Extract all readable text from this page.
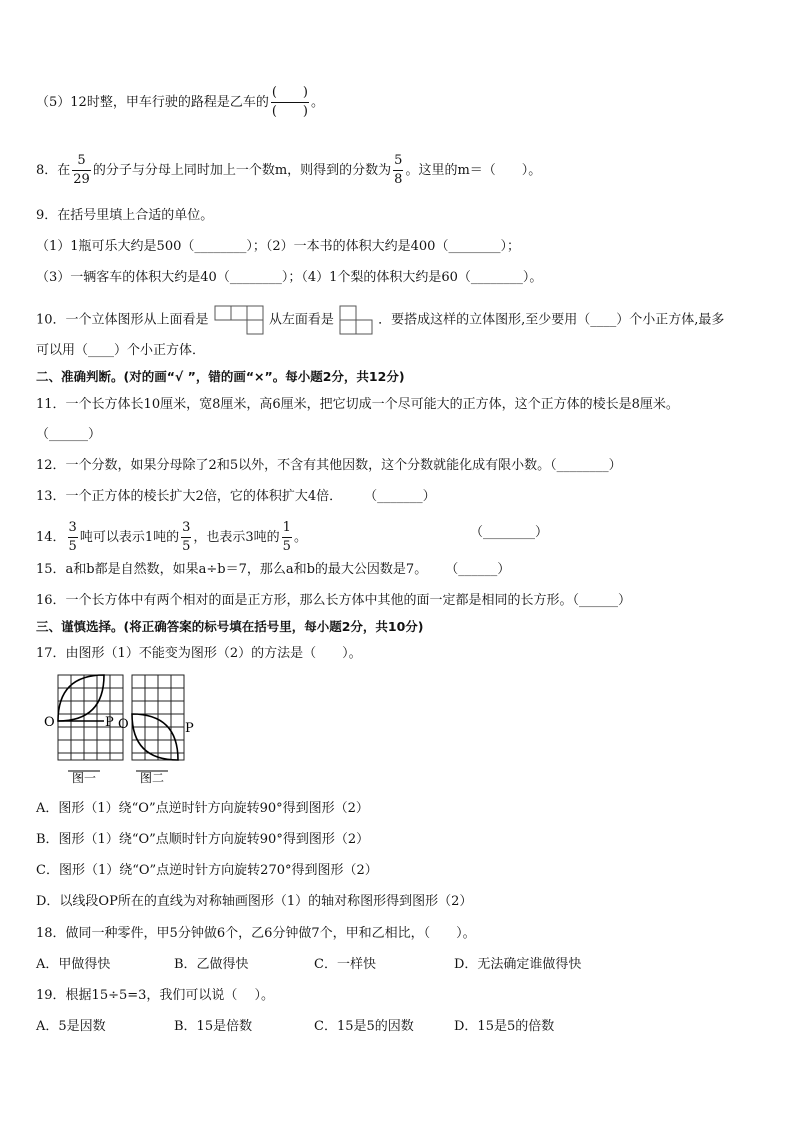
（5）12时整，甲车行驶的路程是乙车的 $\frac{( )}{( )}$ 。
8．在 $\frac{5}{29}$ 的分子与分母上同时加上一个数m，则得到的分数为 $\frac{5}{8}$ 。这里的m＝（　　）。
9．在括号里填上合适的单位。
（1）1瓶可乐大约是500（________）；（2）一本书的体积大约是400（________）；
（3）一辆客车的体积大约是40（________）；（4）1个梨的体积大约是60（________）。
10．一个立体图形从上面看是	从左面看是	．要搭成这样的立体图形,至少要用（____）个小正方体,最多
可以用（____）个小正方体．
二、准确判断。(对的画“√ ”，错的画“×”。每小题2分，共12分)
11．一个长方体长10厘米，宽8厘米，高6厘米，把它切成一个尽可能大的正方体，这个正方体的棱长是8厘米。
（______）
12．一个分数，如果分母除了2和5以外，不含有其他因数，这个分数就能化成有限小数。（________）
13．一个正方体的棱长扩大2倍，它的体积扩大4倍． （_______）
14． $\frac{3}{5}$ 吨可以表示1吨的 $\frac{3}{5}$ ，也表示3吨的 $\frac{1}{5}$ 。	（________）
15．a和b都是自然数，如果a÷b＝7，那么a和b的最大公因数是7。 （______）
16．一个长方体中有两个相对的面是正方形，那么长方体中其他的面一定都是相同的长方形。（______）
三、谨慎选择。(将正确答案的标号填在括号里，每小题2分，共10分)
17．由图形（1）不能变为图形（2）的方法是（　　）。
O	P O	P
图一	图二
A．图形（1）绕“O”点逆时针方向旋转90°得到图形（2）
B．图形（1）绕“O”点顺时针方向旋转90°得到图形（2）
C．图形（1）绕“O”点逆时针方向旋转270°得到图形（2）
D．以线段OP所在的直线为对称轴画图形（1）的轴对称图形得到图形（2）
18．做同一种零件，甲5分钟做6个，乙6分钟做7个，甲和乙相比，（　　）。
A．甲做得快	B．乙做得快	C．一样快	D．无法确定谁做得快
19．根据15÷5=3，我们可以说（　 ）。
A．5是因数	B．15是倍数	C．15是5的因数	D．15是5的倍数
